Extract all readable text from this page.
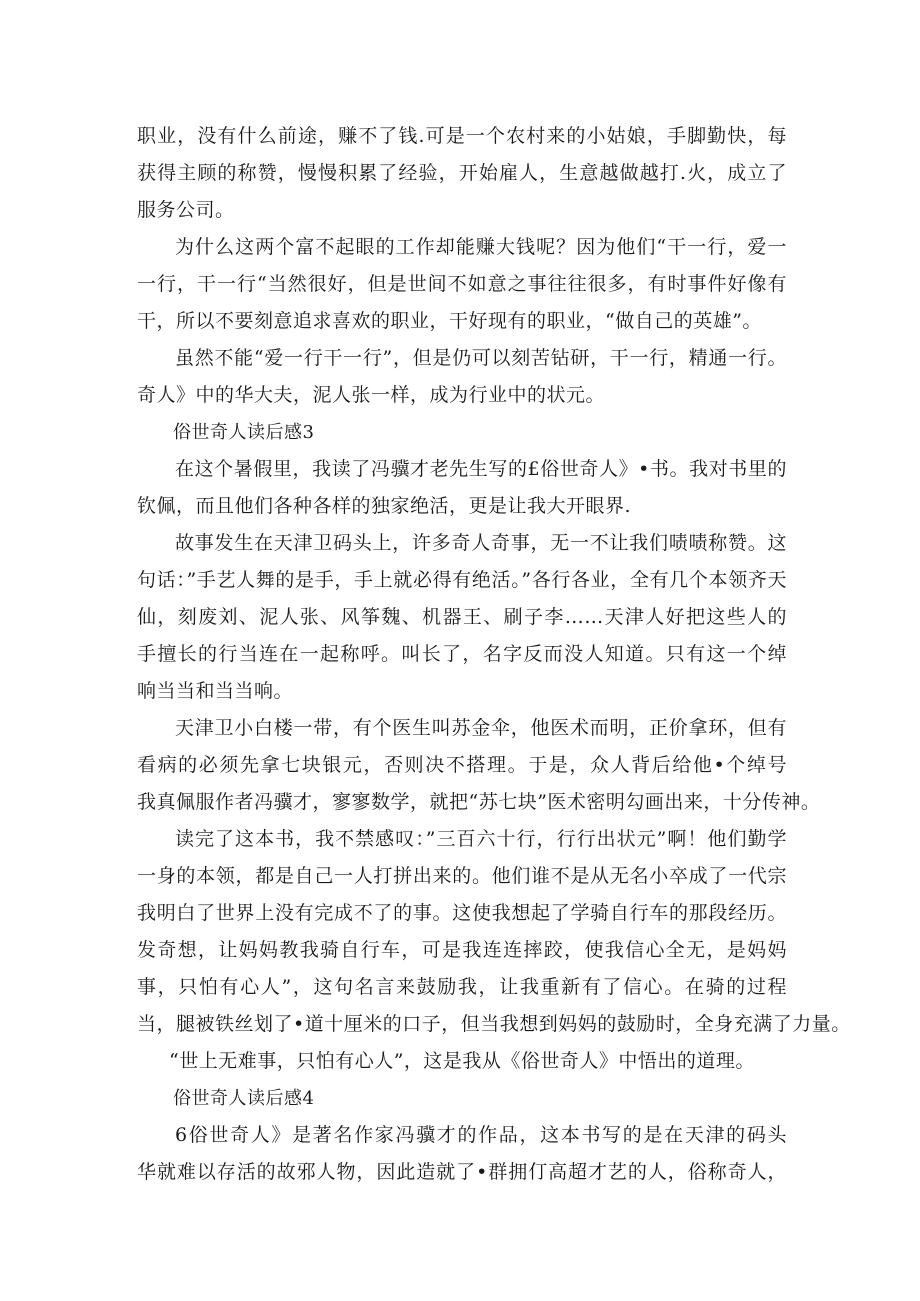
职业，没有什么前途，赚不了钱.可是一个农村来的小姑娘，手脚勤快，每
获得主顾的称赞，慢慢积累了经验，开始雇人，生意越做越打.火，成立了
服务公司。
为什么这两个富不起眼的工作却能赚大钱呢？因为他们“干一行，爱一
一行，干一行“当然很好，但是世间不如意之事往往很多，有时事件好像有
干，所以不要刻意追求喜欢的职业，干好现有的职业，“做自己的英雄”。
虽然不能“爱一行干一行”，但是仍可以刻苦钻研，干一行，精通一行。
奇人》中的华大夫，泥人张一样，成为行业中的状元。
俗世奇人读后感3
在这个暑假里，我读了冯骥才老先生写的£俗世奇人》•书。我对书里的
钦佩，而且他们各种各样的独家绝活，更是让我大开眼界.
故事发生在天津卫码头上，许多奇人奇事，无一不让我们啧啧称赞。这
句话：”手艺人舞的是手，手上就必得有绝活。”各行各业，全有几个本领齐天
仙，刻废刘、泥人张、风筝魏、机器王、刷子李……天津人好把这些人的
手擅长的行当连在一起称呼。叫长了，名字反而没人知道。只有这一个绰
响当当和当当响。
天津卫小白楼一带，有个医生叫苏金伞，他医术而明，正价拿环，但有
看病的必须先拿七块银元，否则决不搭理。于是，众人背后给他•个绰号
我真佩服作者冯骥才，寥寥数学，就把“苏七块”医术密明勾画出来，十分传神。
读完了这本书，我不禁感叹：”三百六十行，行行出状元”啊！他们勤学
一身的本领，都是自己一人打拼出来的。他们谁不是从无名小卒成了一代宗
我明白了世界上没有完成不了的事。这使我想起了学骑自行车的那段经历。
发奇想，让妈妈教我骑自行车，可是我连连摔跤，使我信心全无，是妈妈
事，只怕有心人”，这句名言来鼓励我，让我重新有了信心。在骑的过程
当，腿被铁丝划了•道十厘米的口子，但当我想到妈妈的鼓励时，全身充满了力量。
“世上无难事，只怕有心人”，这是我从《俗世奇人》中悟出的道理。
俗世奇人读后感4
6俗世奇人》是著名作家冯骥才的作品，这本书写的是在天津的码头
华就难以存活的故邪人物，因此造就了•群拥仃高超才艺的人，俗称奇人，
